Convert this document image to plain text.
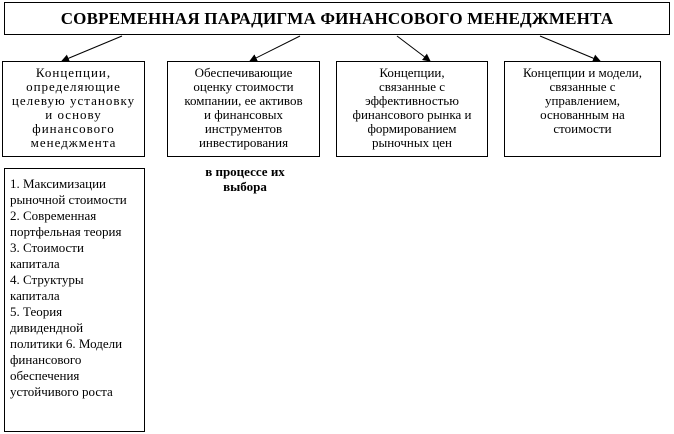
СОВРЕМЕННАЯ ПАРАДИГМА ФИНАНСОВОГО МЕНЕДЖМЕНТА
Концепции,
определяющие
целевую установку
и основу
финансового
менеджмента
Обеспечивающие
оценку стоимости
компании, ее активов
и финансовых
инструментов
инвестирования
в процессе их
выбора
Концепции,
связанные с
эффективностью
финансового рынка и
формированием
рыночных цен
Концепции и модели,
связанные с
управлением,
основанным на
стоимости
1. Максимизации
рыночной стоимости
2. Современная
портфельная теория
3. Стоимости
капитала
4. Структуры
капитала
5. Теория
дивидендной
политики 6. Модели
финансового
обеспечения
устойчивого роста
